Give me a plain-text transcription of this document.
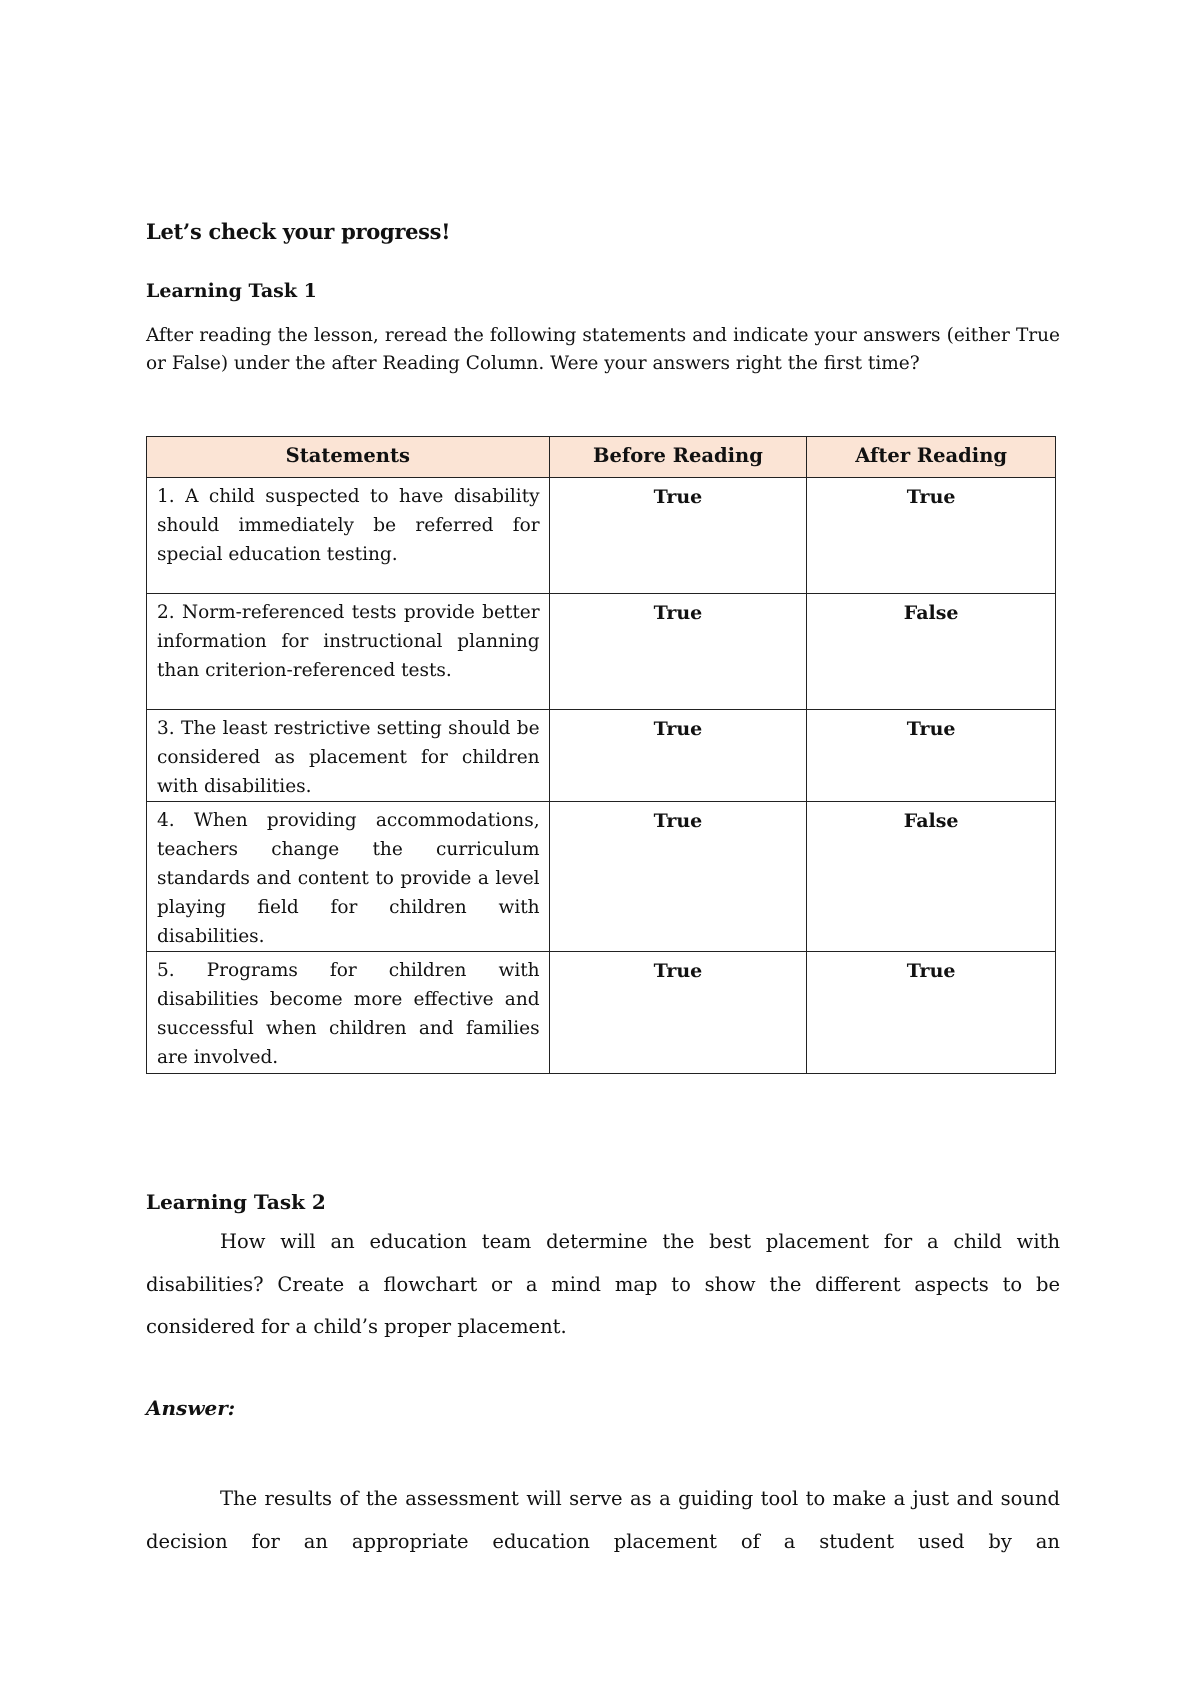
Let’s check your progress!
Learning Task 1
After reading the lesson, reread the following statements and indicate your answers (either True or False) under the after Reading Column. Were your answers right the first time?
Statements	Before Reading	After Reading
1. A child suspected to have disability should immediately be referred for special education testing.	True	True
2. Norm-referenced tests provide better information for instructional planning than criterion-referenced tests.	True	False
3. The least restrictive setting should be considered as placement for children with disabilities.	True	True
4. When providing accommodations, teachers change the curriculum standards and content to provide a level playing field for children with disabilities.	True	False
5. Programs for children with disabilities become more effective and successful when children and families are involved.	True	True
Learning Task 2
How will an education team determine the best placement for a child with disabilities? Create a flowchart or a mind map to show the different aspects to be considered for a child’s proper placement.
Answer:
The results of the assessment will serve as a guiding tool to make a just and sound decision for an appropriate education placement of a student used by an
